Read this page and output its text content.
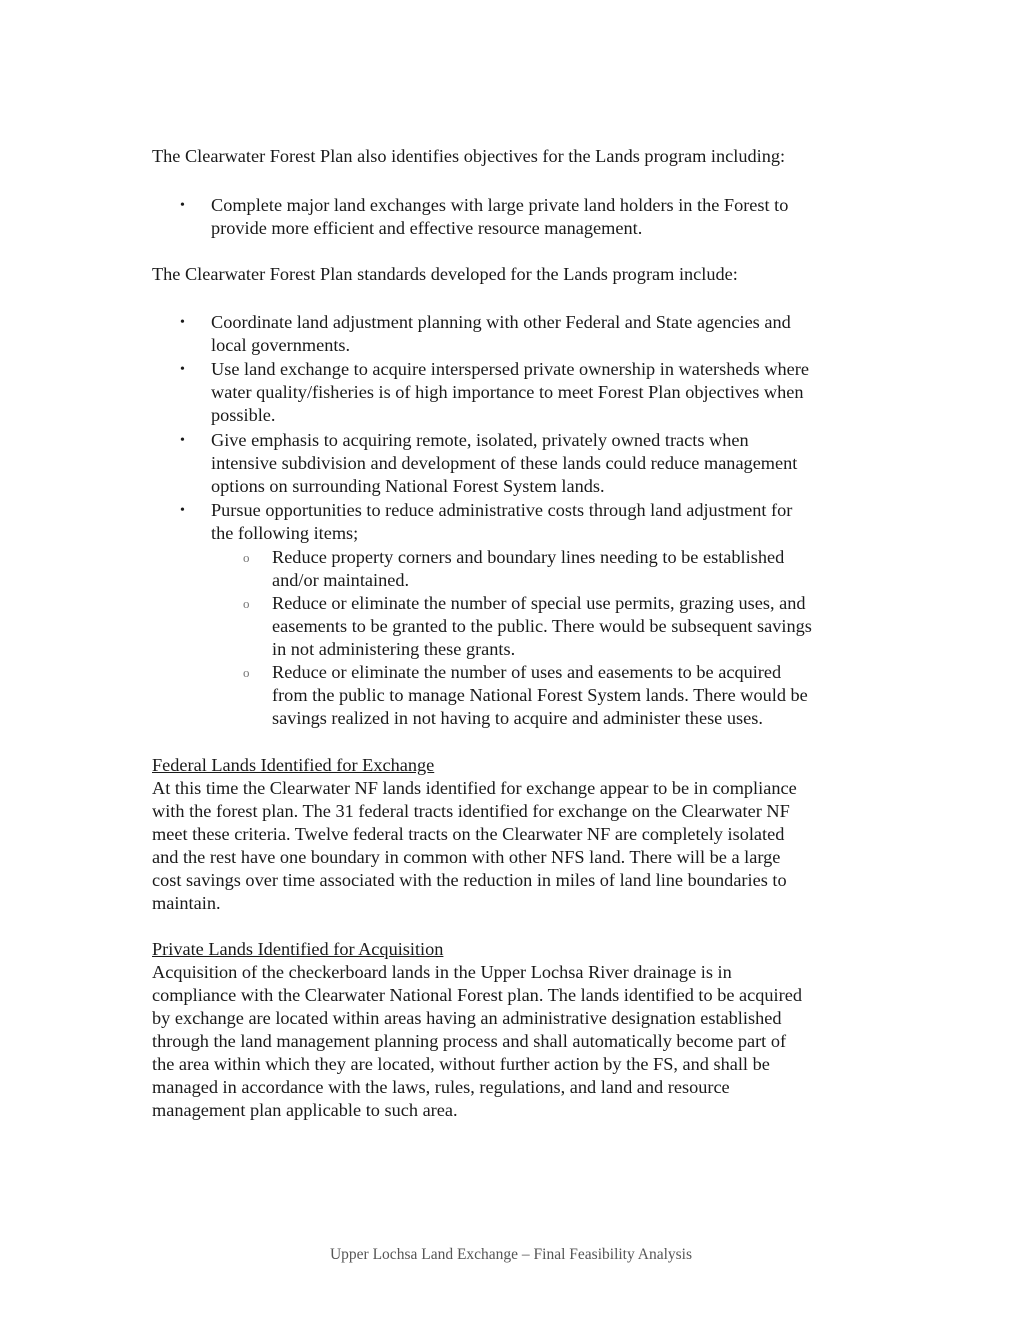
The Clearwater Forest Plan also identifies objectives for the Lands program including:
• Complete major land exchanges with large private land holders in the Forest to
provide more efficient and effective resource management.
The Clearwater Forest Plan standards developed for the Lands program include:
• Coordinate land adjustment planning with other Federal and State agencies and
local governments.
• Use land exchange to acquire interspersed private ownership in watersheds where
water quality/fisheries is of high importance to meet Forest Plan objectives when
possible.
• Give emphasis to acquiring remote, isolated, privately owned tracts when
intensive subdivision and development of these lands could reduce management
options on surrounding National Forest System lands.
• Pursue opportunities to reduce administrative costs through land adjustment for
the following items;
o Reduce property corners and boundary lines needing to be established
and/or maintained.
o Reduce or eliminate the number of special use permits, grazing uses, and
easements to be granted to the public. There would be subsequent savings
in not administering these grants.
o Reduce or eliminate the number of uses and easements to be acquired
from the public to manage National Forest System lands. There would be
savings realized in not having to acquire and administer these uses.
Federal Lands Identified for Exchange
At this time the Clearwater NF lands identified for exchange appear to be in compliance
with the forest plan. The 31 federal tracts identified for exchange on the Clearwater NF
meet these criteria. Twelve federal tracts on the Clearwater NF are completely isolated
and the rest have one boundary in common with other NFS land. There will be a large
cost savings over time associated with the reduction in miles of land line boundaries to
maintain.
Private Lands Identified for Acquisition
Acquisition of the checkerboard lands in the Upper Lochsa River drainage is in
compliance with the Clearwater National Forest plan. The lands identified to be acquired
by exchange are located within areas having an administrative designation established
through the land management planning process and shall automatically become part of
the area within which they are located, without further action by the FS, and shall be
managed in accordance with the laws, rules, regulations, and land and resource
management plan applicable to such area.
Upper Lochsa Land Exchange – Final Feasibility Analysis
